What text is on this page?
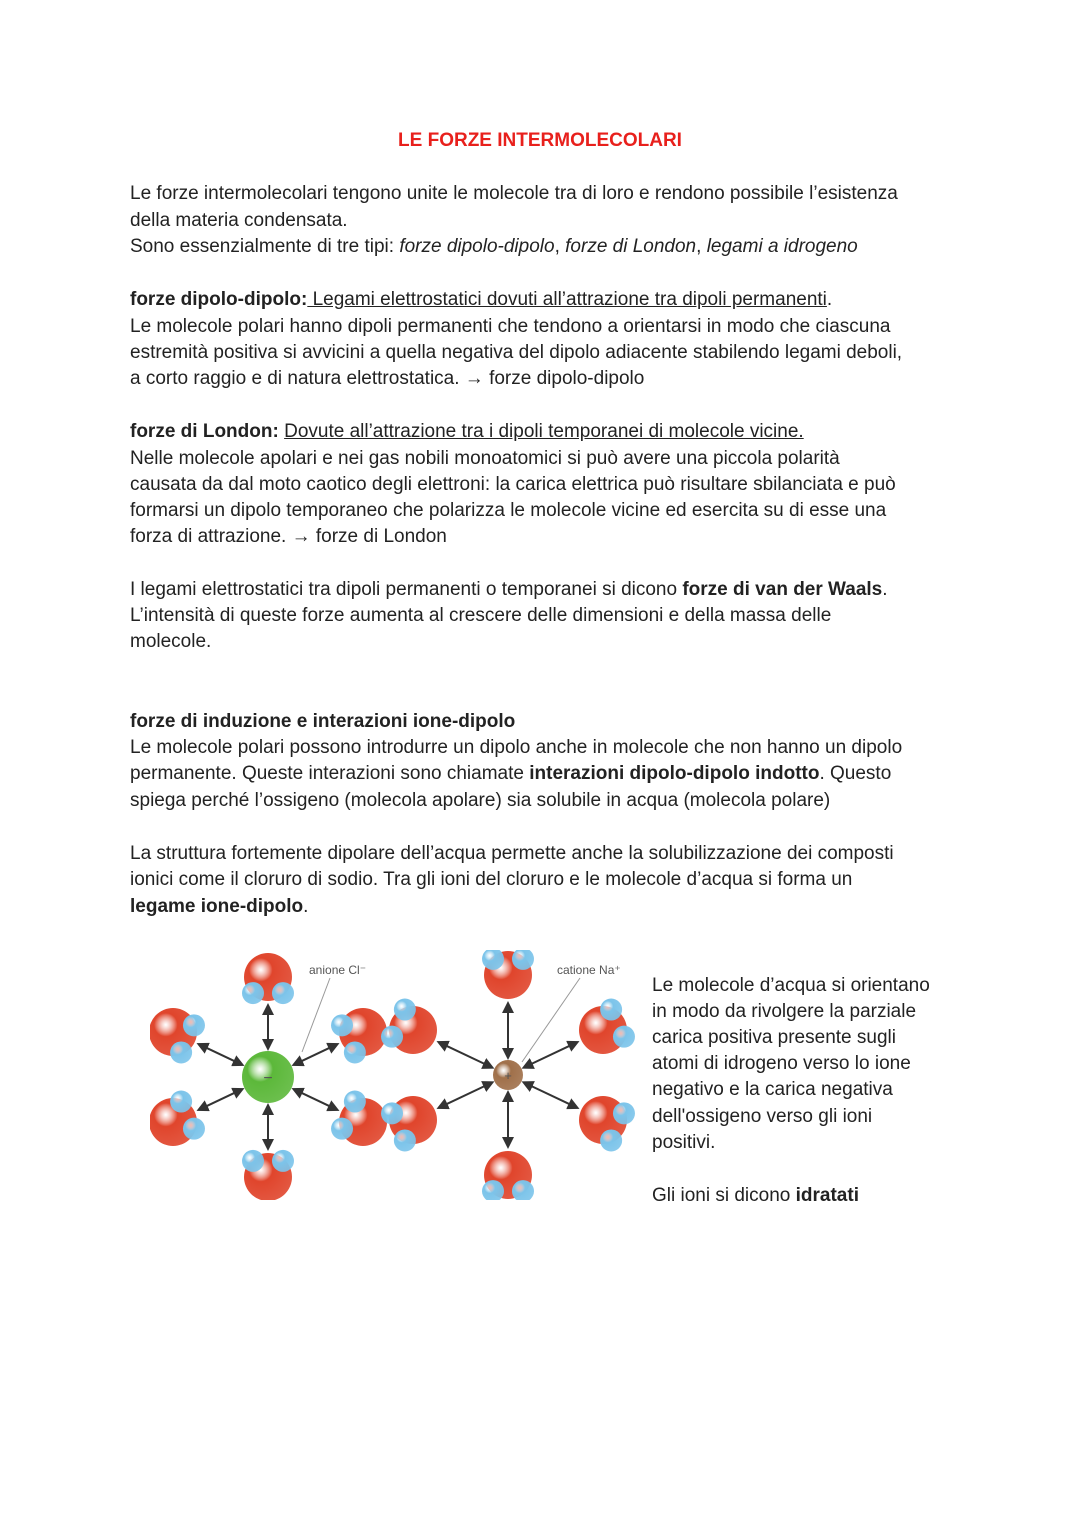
LE FORZE INTERMOLECOLARI
Le forze intermolecolari tengono unite le molecole tra di loro e rendono possibile l’esistenza
della materia condensata.
Sono essenzialmente di tre tipi: forze dipolo-dipolo, forze di London, legami a idrogeno
forze dipolo-dipolo: Legami elettrostatici dovuti all’attrazione tra dipoli permanenti.
Le molecole polari hanno dipoli permanenti che tendono a orientarsi in modo che ciascuna
estremità positiva si avvicini a quella negativa del dipolo adiacente stabilendo legami deboli,
a corto raggio e di natura elettrostatica. → forze dipolo-dipolo
forze di London: Dovute all’attrazione tra i dipoli temporanei di molecole vicine.
Nelle molecole apolari e nei gas nobili monoatomici si può avere una piccola polarità
causata da dal moto caotico degli elettroni: la carica elettrica può risultare sbilanciata e può
formarsi un dipolo temporaneo che polarizza le molecole vicine ed esercita su di esse una
forza di attrazione. → forze di London
I legami elettrostatici tra dipoli permanenti o temporanei si dicono forze di van der Waals.
L’intensità di queste forze aumenta al crescere delle dimensioni e della massa delle
molecole.
forze di induzione e interazioni ione-dipolo
Le molecole polari possono introdurre un dipolo anche in molecole che non hanno un dipolo
permanente. Queste interazioni sono chiamate interazioni dipolo-dipolo indotto. Questo
spiega perché l’ossigeno (molecola apolare) sia solubile in acqua (molecola polare)
La struttura fortemente dipolare dell’acqua permette anche la solubilizzazione dei composti
ionici come il cloruro di sodio. Tra gli ioni del cloruro e le molecole d’acqua si forma un
legame ione-dipolo.
Le molecole d’acqua si orientano
in modo da rivolgere la parziale
carica positiva presente sugli
atomi di idrogeno verso lo ione
negativo e la carica negativa
dell'ossigeno verso gli ioni
positivi.
Gli ioni si dicono idratati
anione Cl⁻	catione Na⁺
−	+
